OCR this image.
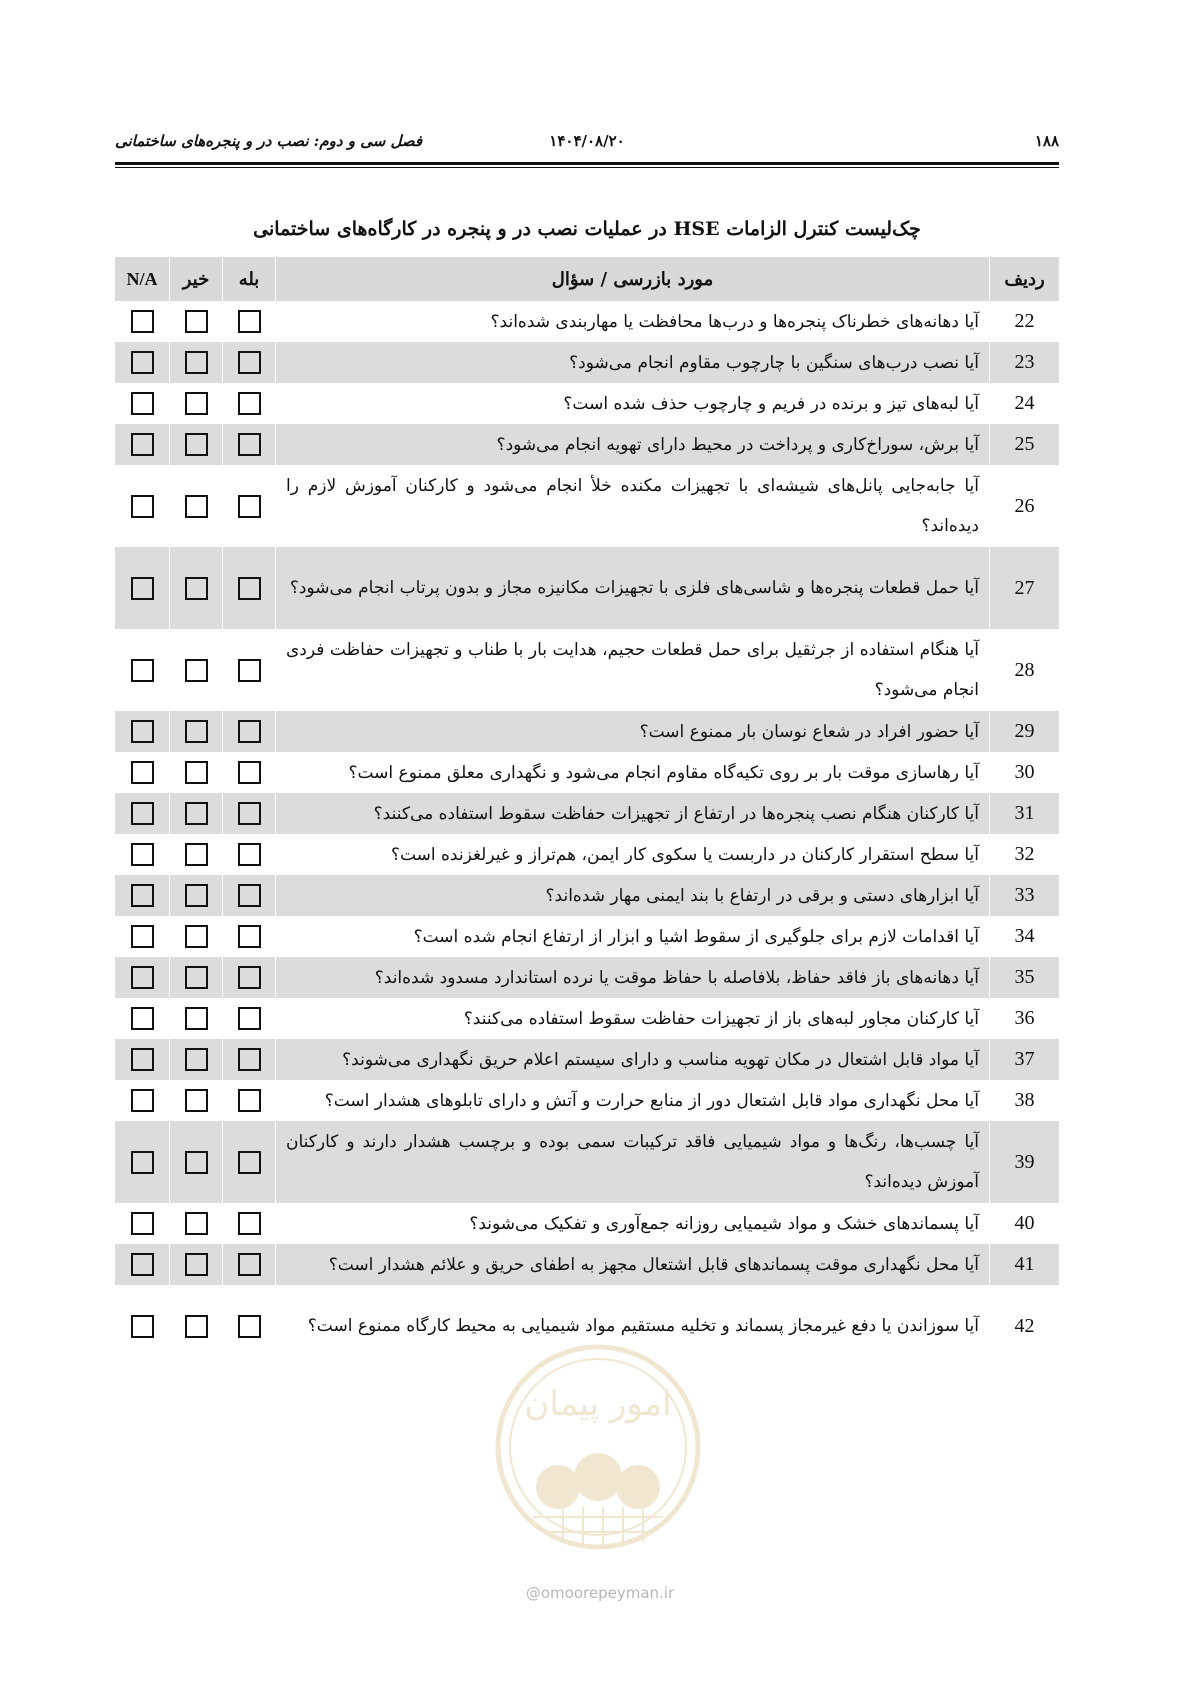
۱۸۸
۱۴۰۴/۰۸/۲۰
فصل سی و دوم: نصب در و پنجره‌های ساختمانی
چک‌لیست کنترل الزامات HSE در عملیات نصب در و پنجره در کارگاه‌های ساختمانی
ردیف	مورد بازرسی / سؤال	بله	خیر	N/A
22	آیا دهانه‌های خطرناک پنجره‌ها و درب‌ها محافظت یا مهاربندی شده‌اند؟			
23	آیا نصب درب‌های سنگین با چارچوب مقاوم انجام می‌شود؟			
24	آیا لبه‌های تیز و برنده در فریم و چارچوب حذف شده است؟			
25	آیا برش، سوراخ‌کاری و پرداخت در محیط دارای تهویه انجام می‌شود؟			
26	آیا جابه‌جایی پانل‌های شیشه‌ای با تجهیزات مکنده خلأ انجام می‌شود و کارکنان آموزش لازم را دیده‌اند؟			
27	آیا حمل قطعات پنجره‌ها و شاسی‌های فلزی با تجهیزات مکانیزه مجاز و بدون پرتاب انجام می‌شود؟			
28	آیا هنگام استفاده از جرثقیل برای حمل قطعات حجیم، هدایت بار با طناب و تجهیزات حفاظت فردی انجام می‌شود؟			
29	آیا حضور افراد در شعاع نوسان بار ممنوع است؟			
30	آیا رهاسازی موقت بار بر روی تکیه‌گاه مقاوم انجام می‌شود و نگهداری معلق ممنوع است؟			
31	آیا کارکنان هنگام نصب پنجره‌ها در ارتفاع از تجهیزات حفاظت سقوط استفاده می‌کنند؟			
32	آیا سطح استقرار کارکنان در داربست یا سکوی کار ایمن، هم‌تراز و غیرلغزنده است؟			
33	آیا ابزارهای دستی و برقی در ارتفاع با بند ایمنی مهار شده‌اند؟			
34	آیا اقدامات لازم برای جلوگیری از سقوط اشیا و ابزار از ارتفاع انجام شده است؟			
35	آیا دهانه‌های باز فاقد حفاظ، بلافاصله با حفاظ موقت یا نرده استاندارد مسدود شده‌اند؟			
36	آیا کارکنان مجاور لبه‌های باز از تجهیزات حفاظت سقوط استفاده می‌کنند؟			
37	آیا مواد قابل اشتعال در مکان تهویه مناسب و دارای سیستم اعلام حریق نگهداری می‌شوند؟			
38	آیا محل نگهداری مواد قابل اشتعال دور از منابع حرارت و آتش و دارای تابلوهای هشدار است؟			
39	آیا چسب‌ها، رنگ‌ها و مواد شیمیایی فاقد ترکیبات سمی بوده و برچسب هشدار دارند و کارکنان آموزش دیده‌اند؟			
40	آیا پسماندهای خشک و مواد شیمیایی روزانه جمع‌آوری و تفکیک می‌شوند؟			
41	آیا محل نگهداری موقت پسماندهای قابل اشتعال مجهز به اطفای حریق و علائم هشدار است؟			
42	آیا سوزاندن یا دفع غیرمجاز پسماند و تخلیه مستقیم مواد شیمیایی به محیط کارگاه ممنوع است؟			
امور پیمان
@omoorepeyman.ir
